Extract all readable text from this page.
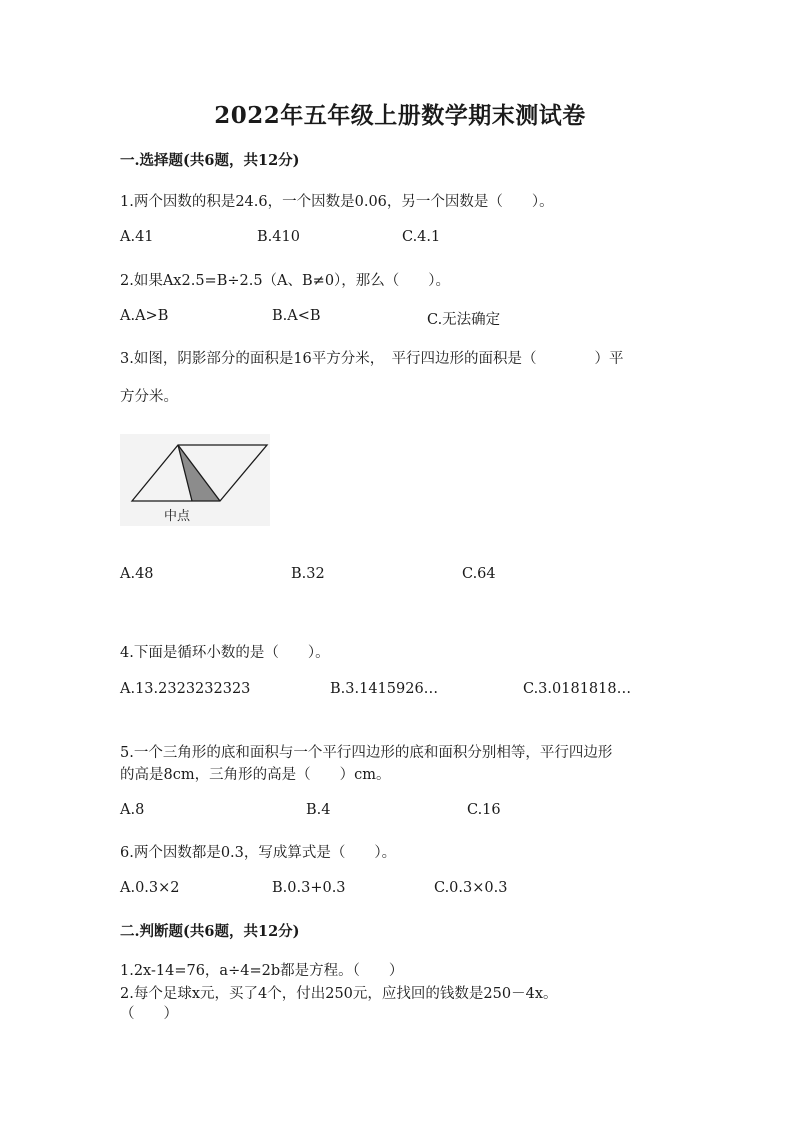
2022年五年级上册数学期末测试卷
一.选择题(共6题，共12分)
1.两个因数的积是24.6，一个因数是0.06，另一个因数是（　　）。
A.41	B.410	C.4.1
2.如果Ax2.5=B÷2.5（A、B≠0），那么（　　）。
A.A>B	B.A<B	C.无法确定
3.如图，阴影部分的面积是16平方分米，　平行四边形的面积是（　　　　）平
方分米。
中点
A.48	B.32	C.64
4.下面是循环小数的是（　　）。
A.13.2323232323	B.3.1415926…	C.3.0181818…
5.一个三角形的底和面积与一个平行四边形的底和面积分别相等，平行四边形
的高是8cm，三角形的高是（　　）cm。
A.8	B.4	C.16
6.两个因数都是0.3，写成算式是（　　）。
A.0.3×2	B.0.3+0.3	C.0.3×0.3
二.判断题(共6题，共12分)
1.2x-14=76，a÷4=2b都是方程。（　　）
2.每个足球x元，买了4个，付出250元，应找回的钱数是250－4x。
（　　）
